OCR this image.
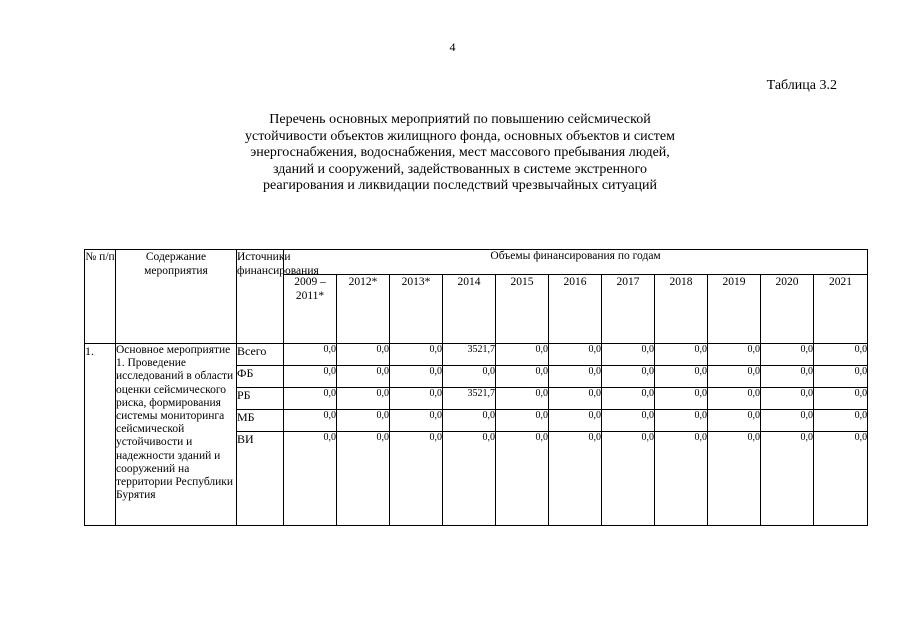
4
Таблица 3.2
Перечень основных мероприятий по повышению сейсмической устойчивости объектов жилищного фонда, основных объектов и систем энергоснабжения, водоснабжения, мест массового пребывания людей, зданий и сооружений, задействованных в системе экстренного реагирования и ликвидации последствий чрезвычайных ситуаций
№ п/п	Содержание мероприятия	Источники финансирования	Объемы финансирования по годам										
			2009 – 2011*	2012*	2013*	2014	2015	2016	2017	2018	2019	2020	2021
1.	Основное мероприятие 1. Проведение исследований в области оценки сейсмического риска, формирования системы мониторинга сейсмической устойчивости и надежности зданий и сооружений на территории Республики Бурятия	Всего	0,0	0,0	0,0	3521,7	0,0	0,0	0,0	0,0	0,0	0,0	0,0
		ФБ	0,0	0,0	0,0	0,0	0,0	0,0	0,0	0,0	0,0	0,0	0,0
		РБ	0,0	0,0	0,0	3521,7	0,0	0,0	0,0	0,0	0,0	0,0	0,0
		МБ	0,0	0,0	0,0	0,0	0,0	0,0	0,0	0,0	0,0	0,0	0,0
		ВИ	0,0	0,0	0,0	0,0	0,0	0,0	0,0	0,0	0,0	0,0	0,0
